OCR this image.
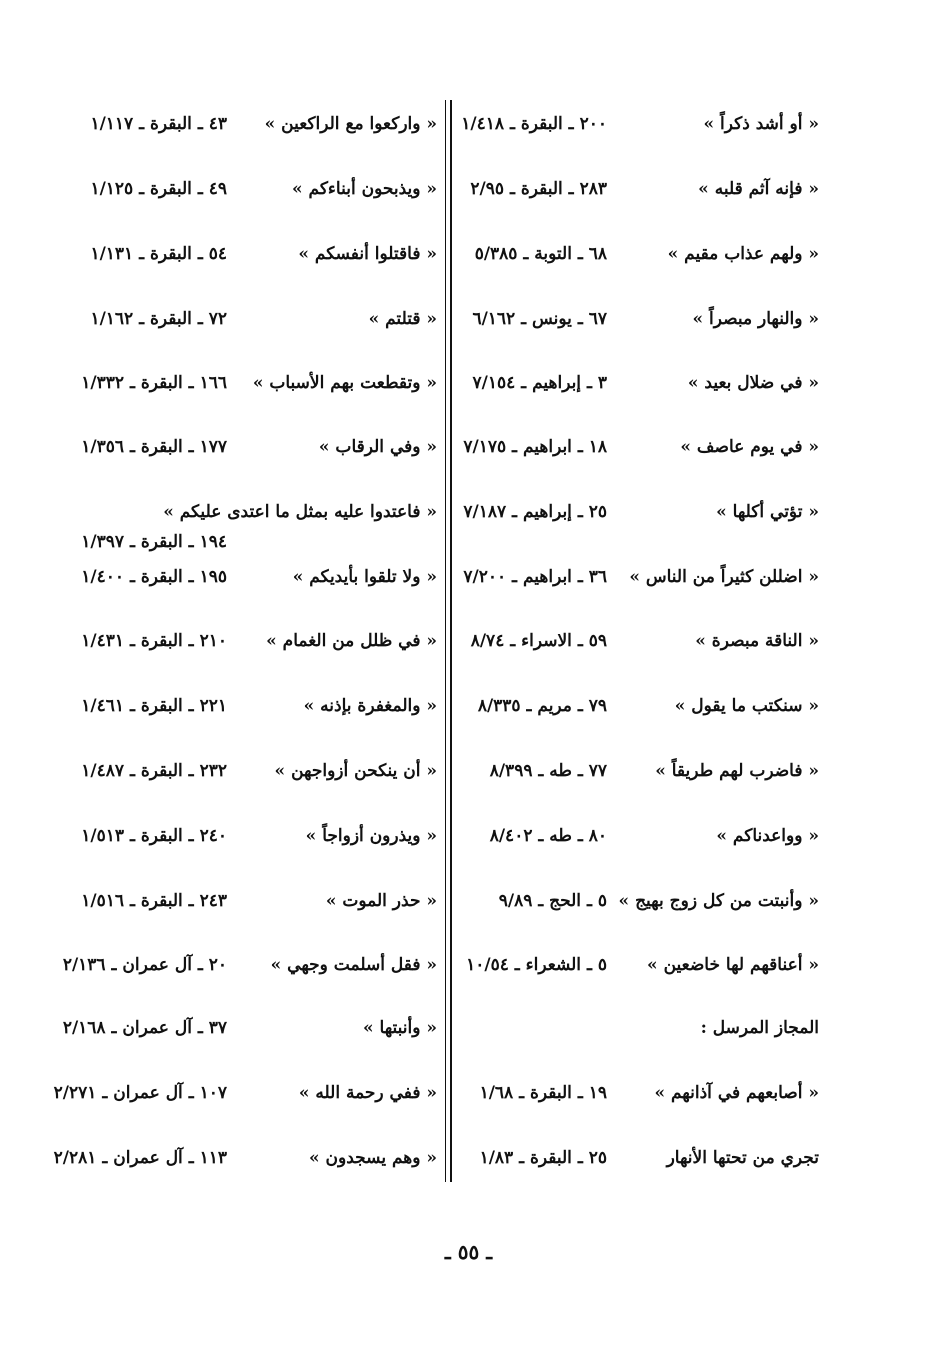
« أو أشد ذكراً »
٢٠٠ ـ البقرة ـ ١/٤١٨
« فإنه آثم قلبه »
٢٨٣ ـ البقرة ـ ٢/٩٥
« ولهم عذاب مقيم »
٦٨ ـ التوبة ـ ٥/٣٨٥
« والنهار مبصراً »
٦٧ ـ يونس ـ ٦/١٦٢
« في ضلال بعيد »
٣ ـ إبراهيم ـ ٧/١٥٤
« في يوم عاصف »
١٨ ـ ابراهيم ـ ٧/١٧٥
« تؤتي أكلها »
٢٥ ـ إبراهيم ـ ٧/١٨٧
« اضللن كثيراً من الناس »
٣٦ ـ ابراهيم ـ ٧/٢٠٠
« الناقة مبصرة »
٥٩ ـ الاسراء ـ ٨/٧٤
« سنكتب ما يقول »
٧٩ ـ مريم ـ ٨/٣٣٥
« فاضرب لهم طريقاً »
٧٧ ـ طه ـ ٨/٣٩٩
« وواعدناكم »
٨٠ ـ طه ـ ٨/٤٠٢
« وأنبتت من كل زوج بهيج »
٥ ـ الحج ـ ٩/٨٩
« أعناقهم لها خاضعين »
٥ ـ الشعراء ـ ١٠/٥٤
المجاز المرسل :
« أصابعهم في آذانهم »
١٩ ـ البقرة ـ ١/٦٨
تجري من تحتها الأنهار
٢٥ ـ البقرة ـ ١/٨٣
« واركعوا مع الراكعين »
٤٣ ـ البقرة ـ ١/١١٧
« ويذبحون أبناءكم »
٤٩ ـ البقرة ـ ١/١٢٥
« فاقتلوا أنفسكم »
٥٤ ـ البقرة ـ ١/١٣١
« قتلتم »
٧٢ ـ البقرة ـ ١/١٦٢
« وتقطعت بهم الأسباب »
١٦٦ ـ البقرة ـ ١/٣٣٢
« وفي الرقاب »
١٧٧ ـ البقرة ـ ١/٣٥٦
« فاعتدوا عليه بمثل ما اعتدى عليكم »
١٩٤ ـ البقرة ـ ١/٣٩٧
« ولا تلقوا بأيديكم »
١٩٥ ـ البقرة ـ ١/٤٠٠
« في ظلل من الغمام »
٢١٠ ـ البقرة ـ ١/٤٣١
« والمغفرة بإذنه »
٢٢١ ـ البقرة ـ ١/٤٦١
« أن ينكحن أزواجهن »
٢٣٢ ـ البقرة ـ ١/٤٨٧
« ويذرون أزواجاً »
٢٤٠ ـ البقرة ـ ١/٥١٣
« حذر الموت »
٢٤٣ ـ البقرة ـ ١/٥١٦
« فقل أسلمت وجهي »
٢٠ ـ آل عمران ـ ٢/١٣٦
« وأنبتها »
٣٧ ـ آل عمران ـ ٢/١٦٨
« ففي رحمة الله »
١٠٧ ـ آل عمران ـ ٢/٢٧١
« وهم يسجدون »
١١٣ ـ آل عمران ـ ٢/٢٨١
ـ ٥٥ ـ
